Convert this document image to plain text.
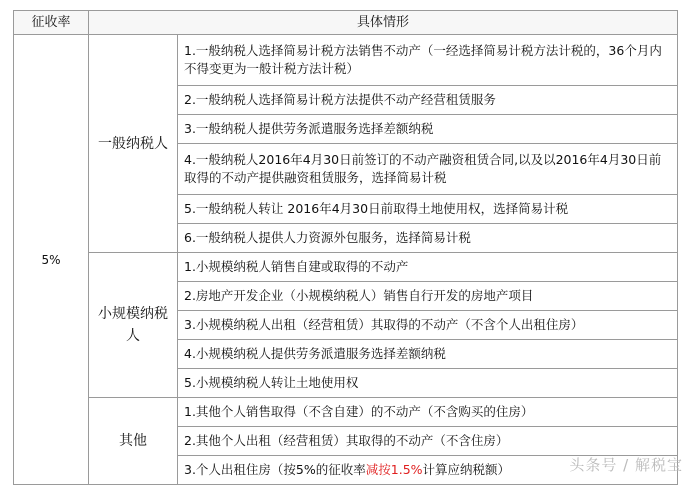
征收率	具体情形	
5%	一般纳税人	1.一般纳税人选择简易计税方法销售不动产（一经选择简易计税方法计税的，36个月内不得变更为一般计税方法计税）
		2.一般纳税人选择简易计税方法提供不动产经营租赁服务
		3.一般纳税人提供劳务派遣服务选择差额纳税
		4.一般纳税人2016年4月30日前签订的不动产融资租赁合同,以及以2016年4月30日前取得的不动产提供融资租赁服务，选择简易计税
		5.一般纳税人转让 2016年4月30日前取得土地使用权，选择简易计税
		6.一般纳税人提供人力资源外包服务，选择简易计税
	小规模纳税人	1.小规模纳税人销售自建或取得的不动产
		2.房地产开发企业（小规模纳税人）销售自行开发的房地产项目
		3.小规模纳税人出租（经营租赁）其取得的不动产（不含个人出租住房）
		4.小规模纳税人提供劳务派遣服务选择差额纳税
		5.小规模纳税人转让土地使用权
	其他	1.其他个人销售取得（不含自建）的不动产（不含购买的住房）
		2.其他个人出租（经营租赁）其取得的不动产（不含住房）
		3.个人出租住房（按5%的征收率减按1.5%计算应纳税额）	头条号 / 解税宝
